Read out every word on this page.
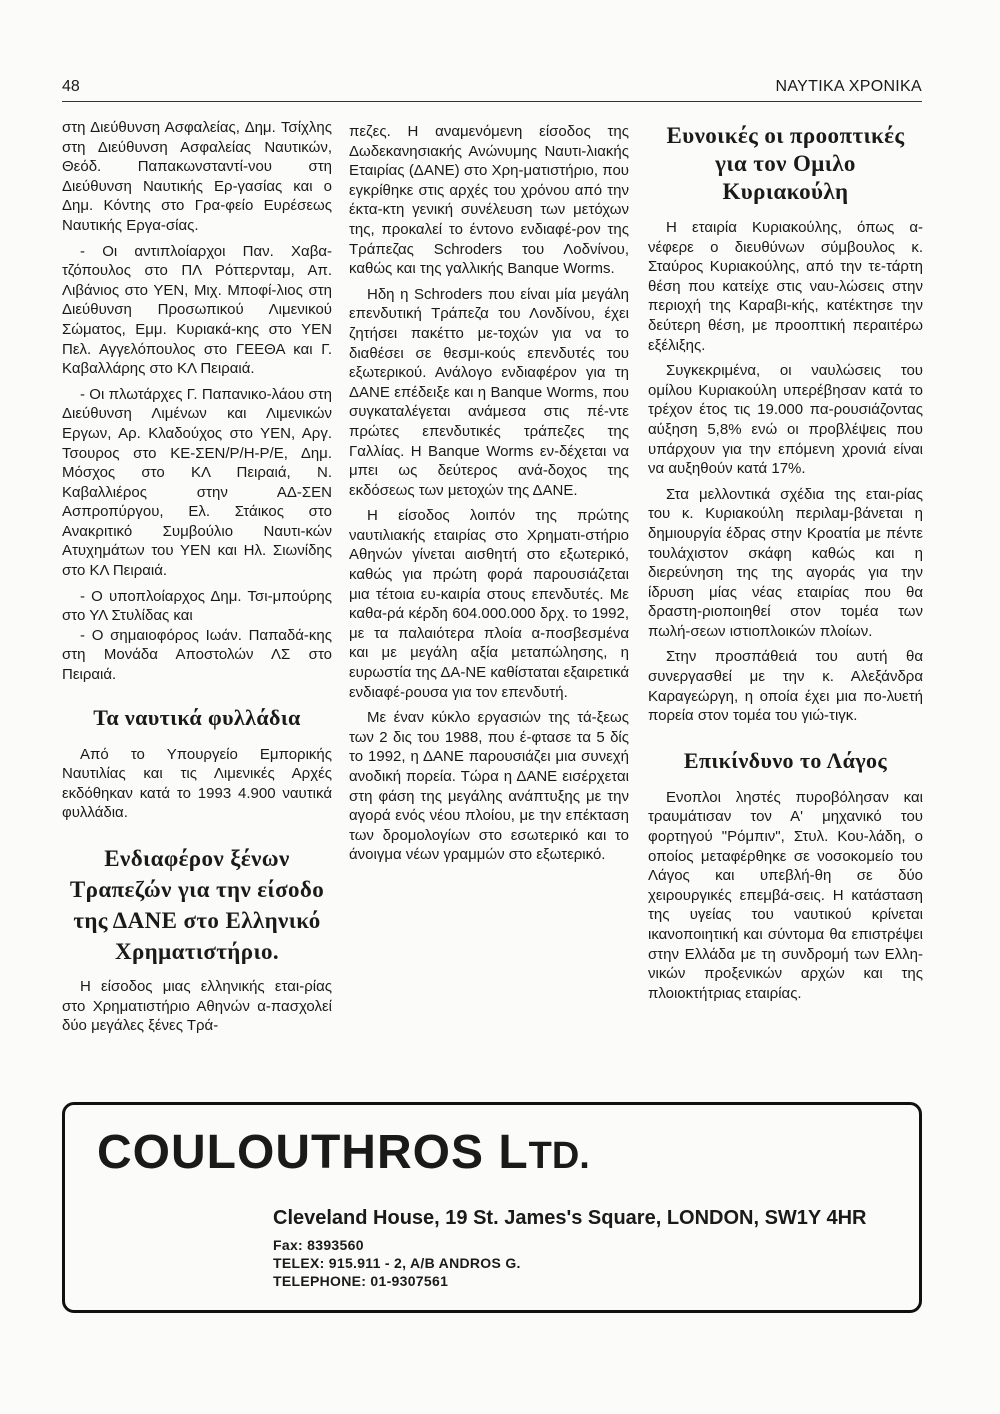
48	ΝΑΥΤΙΚΑ ΧΡΟΝΙΚΑ

στη Διεύθυνση Ασφαλείας, Δημ. Τσίχλης στη Διεύθυνση Ασφαλείας Ναυτικών, Θεόδ. Παπακωνσταντί-νου στη Διεύθυνση Ναυτικής Ερ-γασίας και ο Δημ. Κόντης στο Γρα-φείο Ευρέσεως Ναυτικής Εργα-σίας.

- Οι αντιπλοίαρχοι Παν. Χαβα-τζόπουλος στο ΠΛ Ρόττερνταμ, Απ. Λιβάνιος στο ΥΕΝ, Μιχ. Μποφί-λιος στη Διεύθυνση Προσωπικού Λιμενικού Σώματος, Εμμ. Κυριακά-κης στο ΥΕΝ Πελ. Αγγελόπουλος στο ΓΕΕΘΑ και Γ. Καβαλλάρης στο ΚΛ Πειραιά.

- Οι πλωτάρχες Γ. Παπανικο-λάου στη Διεύθυνση Λιμένων και Λιμενικών Εργων, Αρ. Κλαδούχος στο ΥΕΝ, Αργ. Τσουρος στο ΚΕ-ΣΕΝ/Ρ/Η-Ρ/Ε, Δημ. Μόσχος στο ΚΛ Πειραιά, Ν. Καβαλλιέρος στην ΑΔ-ΣΕΝ Ασπροπύργου, Ελ. Στάικος στο Ανακριτικό Συμβούλιο Ναυτι-κών Ατυχημάτων του ΥΕΝ και Ηλ. Σιωνίδης στο ΚΛ Πειραιά.

- Ο υποπλοίαρχος Δημ. Τσι-μπούρης στο ΥΛ Στυλίδας και

- Ο σημαιοφόρος Ιωάν. Παπαδά-κης στη Μονάδα Αποστολών ΛΣ στο Πειραιά.

Τα ναυτικά φυλλάδια

Από το Υπουργείο Εμπορικής Ναυτιλίας και τις Λιμενικές Αρχές εκδόθηκαν κατά το 1993 4.900 ναυτικά φυλλάδια.

Ενδιαφέρον ξένων Τραπεζών για την είσοδο της ΔΑΝΕ στο Ελληνικό Χρηματιστήριο.

Η είσοδος μιας ελληνικής εται-ρίας στο Χρηματιστήριο Αθηνών α-πασχολεί δύο μεγάλες ξένες Τρά-

πεζες. Η αναμενόμενη είσοδος της Δωδεκανησιακής Ανώνυμης Ναυτι-λιακής Εταιρίας (ΔΑΝΕ) στο Χρη-ματιστήριο, που εγκρίθηκε στις αρχές του χρόνου από την έκτα-κτη γενική συνέλευση των μετόχων της, προκαλεί το έντονο ενδιαφέ-ρον της Τράπεζας Schroders του Λοδνίνου, καθώς και της γαλλικής Banque Worms.

Ηδη η Schroders που είναι μία μεγάλη επενδυτική Τράπεζα του Λονδίνου, έχει ζητήσει πακέττο με-τοχών για να το διαθέσει σε θεσμι-κούς επενδυτές του εξωτερικού. Ανάλογο ενδιαφέρον για τη ΔΑΝΕ επέδειξε και η Banque Worms, που συγκαταλέγεται ανάμεσα στις πέ-ντε πρώτες επενδυτικές τράπεζες της Γαλλίας. Η Banque Worms εν-δέχεται να μπει ως δεύτερος ανά-δοχος της εκδόσεως των μετοχών της ΔΑΝΕ.

Η είσοδος λοιπόν της πρώτης ναυτιλιακής εταιρίας στο Χρηματι-στήριο Αθηνών γίνεται αισθητή στο εξωτερικό, καθώς για πρώτη φορά παρουσιάζεται μια τέτοια ευ-καιρία στους επενδυτές. Με καθα-ρά κέρδη 604.000.000 δρχ. το 1992, με τα παλαιότερα πλοία α-ποσβεσμένα και με μεγάλη αξία μεταπώλησης, η ευρωστία της ΔΑ-ΝΕ καθίσταται εξαιρετικά ενδιαφέ-ρουσα για τον επενδυτή.

Με έναν κύκλο εργασιών της τά-ξεως των 2 δις του 1988, που έ-φτασε τα 5 δίς το 1992, η ΔΑΝΕ παρουσιάζει μια συνεχή ανοδική πορεία. Τώρα η ΔΑΝΕ εισέρχεται στη φάση της μεγάλης ανάπτυξης με την αγορά ενός νέου πλοίου, με την επέκταση των δρομολογίων στο εσωτερικό και το άνοιγμα νέων γραμμών στο εξωτερικό.

Ευνοικές οι προοπτικές για τον Ομιλο Κυριακούλη

Η εταιρία Κυριακούλης, όπως α-νέφερε ο διευθύνων σύμβουλος κ. Σταύρος Κυριακούλης, από την τε-τάρτη θέση που κατείχε στις ναυ-λώσεις στην περιοχή της Καραβι-κής, κατέκτησε την δεύτερη θέση, με προοπτική περαιτέρω εξέλιξης.

Συγκεκριμένα, οι ναυλώσεις του ομίλου Κυριακούλη υπερέβησαν κατά το τρέχον έτος τις 19.000 πα-ρουσιάζοντας αύξηση 5,8% ενώ οι προβλέψεις που υπάρχουν για την επόμενη χρονιά είναι να αυξηθούν κατά 17%.

Στα μελλοντικά σχέδια της εται-ρίας του κ. Κυριακούλη περιλαμ-βάνεται η δημιουργία έδρας στην Κροατία με πέντε τουλάχιστον σκάφη καθώς και η διερεύνηση της της αγοράς για την ίδρυση μίας νέας εταιρίας που θα δραστη-ριοποιηθεί στον τομέα των πωλή-σεων ιστιοπλοικών πλοίων.

Στην προσπάθειά του αυτή θα συνεργασθεί με την κ. Αλεξάνδρα Καραγεώργη, η οποία έχει μια πο-λυετή πορεία στον τομέα του γιώ-τιγκ.

Επικίνδυνο το Λάγος

Ενοπλοι ληστές πυροβόλησαν και τραυμάτισαν τον Α' μηχανικό του φορτηγού "Ρόμπιν", Στυλ. Κου-λάδη, ο οποίος μεταφέρθηκε σε νοσοκομείο του Λάγος και υπεβλή-θη σε δύο χειρουργικές επεμβά-σεις. Η κατάσταση της υγείας του ναυτικού κρίνεται ικανοποιητική και σύντομα θα επιστρέψει στην Ελλάδα με τη συνδρομή των Ελλη-νικών προξενικών αρχών και της πλοιοκτήτριας εταιρίας.

COULOUTHROS LTD.
Cleveland House, 19 St. James's Square, LONDON, SW1Y 4HR
Fax: 8393560
TELEX: 915.911 - 2, A/B ANDROS G.
TELEPHONE: 01-9307561
